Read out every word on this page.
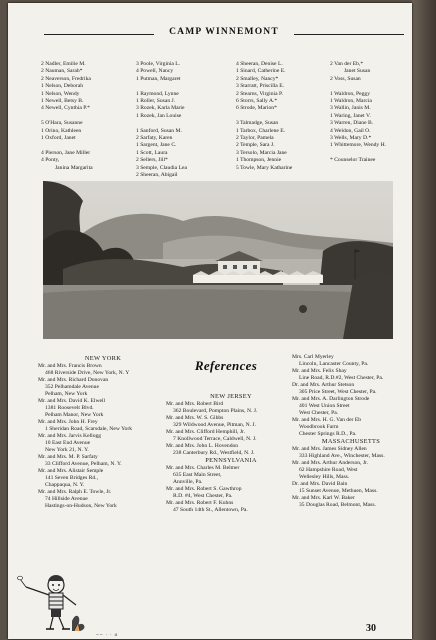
CAMP WINNEMONT
2 Nadler, Emilie M.
2 Nauman, Sarah*
2 Neaverson, Fredrika
1 Nelson, Deborah
1 Nelson, Wendy
1 Newell, Betsy B.
4 Newell, Cynthia P.*
5 O'Hara, Susanne
1 Orino, Kathleen
1 Oxford, Janet
4 Pierson, Jane Miller
4 Ponty,
Janina Margarita
3 Poole, Virginia L.
4 Powell, Nancy
1 Putman, Margaret
1 Raymond, Lynne
1 Roller, Susan J.
3 Rozek, Karla Marie
1 Rozek, Jan Louise
1 Sanford, Susan M.
2 Sarfaty, Karen
1 Sargent, Jane C.
1 Scott, Laura
2 Sellers, Jill*
3 Semple, Claudia Lea
2 Sheeran, Abigail
4 Sheeran, Denise L.
1 Sinard, Catherine E.
2 Smalley, Nancy*
3 Starratt, Priscilla E.
2 Stearns, Virginia P.
6 Storrs, Sally A.*
6 Strode, Marion*
3 Talmadge, Susan
1 Tarbox, Charlene E.
2 Taylor, Pamela
2 Temple, Sara J.
3 Tersolo, Marcia Jane
1 Thompson, Jennie
5 Towle, Mary Katharine
2 Van der Eb,*
Janet Susan
2 Voss, Susan
1 Waldron, Peggy
1 Waldron, Marcia
3 Wallin, Janis M.
1 Waring, Janet V.
3 Warren, Diane B.
4 Weldon, Gail O.
3 Wells, Mary D.*
1 Whittemore, Wendy H.
* Counselor Trainee
References
NEW YORK
Mr. and Mrs. Francis Brown
468 Riverside Drive, New York, N. Y
Mr. and Mrs. Richard Donovan
352 Pelhamdale Avenue
Pelham, New York
Mr. and Mrs. David K. Elwell
1381 Roosevelt Blvd.
Pelham Manor, New York
Mr. and Mrs. John H. Frey
1 Sheridan Road, Scarsdale, New York
Mr. and Mrs. Jarvis Kellogg
10 East End Avenue
New York 21, N. Y.
Mr. and Mrs. M. P. Sarfaty
33 Clifford Avenue, Pelham, N. Y.
Mr. and Mrs. Alistair Semple
141 Seven Bridges Rd.,
Chappaqua, N. Y.
Mr. and Mrs. Ralph E. Towle, Jr.
74 Hillside Avenue
Hastings-on-Hudson, New York
NEW JERSEY
Mr. and Mrs. Robert Bird
362 Boulevard, Pompton Plains, N. J.
Mr. and Mrs. W. S. Gibbs
329 Wildwood Avenue, Pitman, N. J.
Mr. and Mrs. Clifford Hemphill, Jr.
7 Knollwood Terrace, Caldwell, N. J.
Mr. and Mrs. John L. Hovendon
238 Canterbury Rd., Westfield, N. J.
PENNSYLVANIA
Mr. and Mrs. Charles M. Belmer
635 East Main Street,
Annville, Pa.
Mr. and Mrs. Robert S. Gawthrop
R.D. #4, West Chester, Pa.
Mr. and Mrs. Robert F. Kuhns
47 South 14th St., Allentown, Pa.
Mrs. Carl Myerley
Lincoln, Lancaster County, Pa.
Mr. and Mrs. Felix Shay
Line Road, R.D.#2, West Chester, Pa.
Dr. and Mrs. Arthur Stetson
305 Price Street, West Chester, Pa.
Mr. and Mrs. A. Darlington Strode
401 West Union Street
West Chester, Pa.
Mr. and Mrs. H. G. Van der Eb
Woodbrook Farm
Chester Springs R.D., Pa.
MASSACHUSETTS
Mr. and Mrs. James Sidney Allen
333 Highland Ave., Winchester, Mass.
Mr. and Mrs. Arthur Anderson, Jr.
62 Hampshire Road, West
Wellesley Hills, Mass.
Dr. and Mrs. David Bain
15 Sunset Avenue, Methuen, Mass.
Mr. and Mrs. Karl W. Baker
35 Douglas Road, Belmont, Mass.
~~ · · a
30
